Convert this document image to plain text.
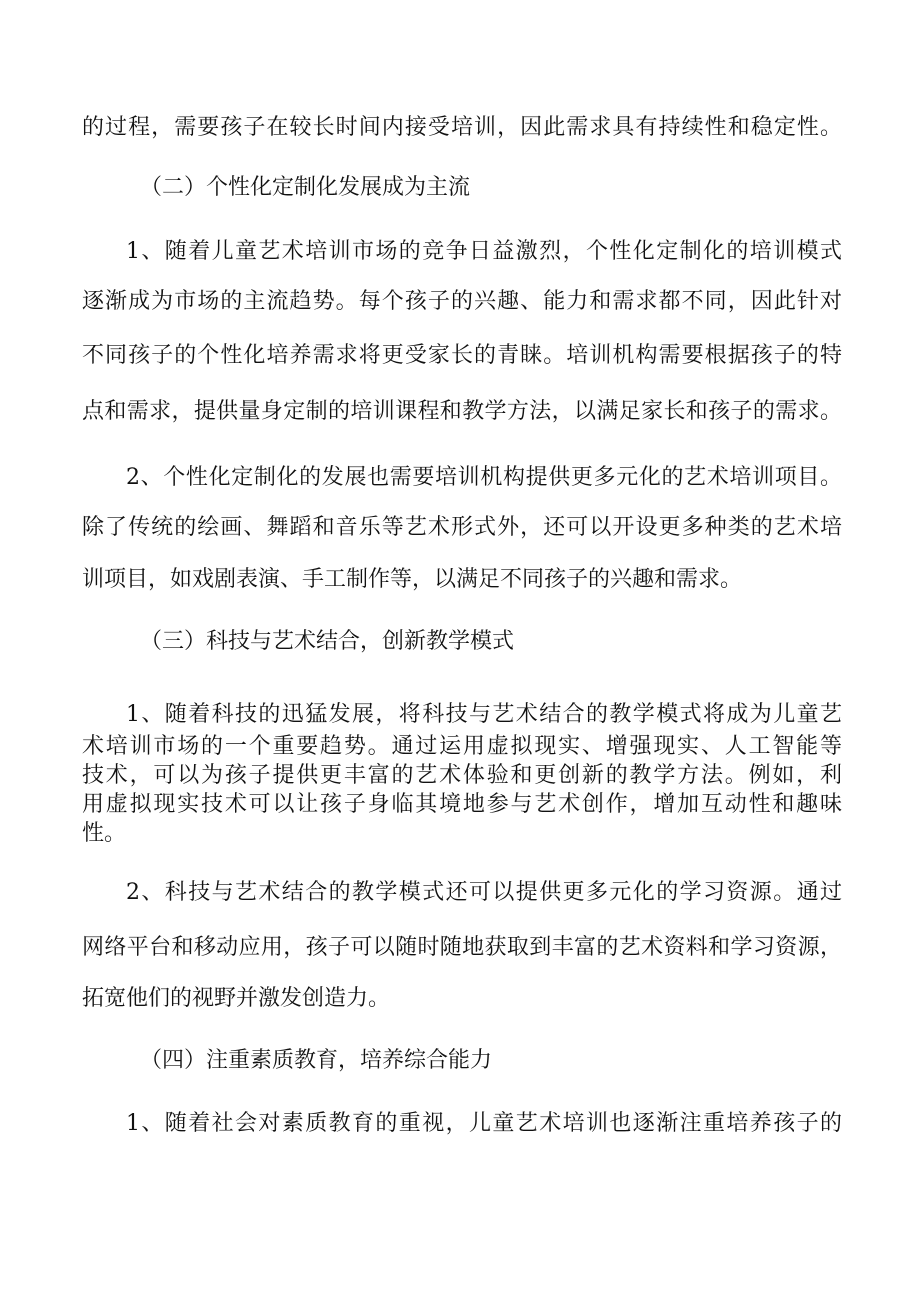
的过程，需要孩子在较长时间内接受培训，因此需求具有持续性和稳定性。
（二）个性化定制化发展成为主流
1、随着儿童艺术培训市场的竞争日益激烈，个性化定制化的培训模式
逐渐成为市场的主流趋势。每个孩子的兴趣、能力和需求都不同，因此针对
不同孩子的个性化培养需求将更受家长的青睐。培训机构需要根据孩子的特
点和需求，提供量身定制的培训课程和教学方法，以满足家长和孩子的需求。
2、个性化定制化的发展也需要培训机构提供更多元化的艺术培训项目。
除了传统的绘画、舞蹈和音乐等艺术形式外，还可以开设更多种类的艺术培
训项目，如戏剧表演、手工制作等，以满足不同孩子的兴趣和需求。
（三）科技与艺术结合，创新教学模式
1、随着科技的迅猛发展，将科技与艺术结合的教学模式将成为儿童艺
术培训市场的一个重要趋势。通过运用虚拟现实、增强现实、人工智能等
技术，可以为孩子提供更丰富的艺术体验和更创新的教学方法。例如，利
用虚拟现实技术可以让孩子身临其境地参与艺术创作，增加互动性和趣味
性。
2、科技与艺术结合的教学模式还可以提供更多元化的学习资源。通过
网络平台和移动应用，孩子可以随时随地获取到丰富的艺术资料和学习资源，
拓宽他们的视野并激发创造力。
（四）注重素质教育，培养综合能力
1、随着社会对素质教育的重视，儿童艺术培训也逐渐注重培养孩子的
